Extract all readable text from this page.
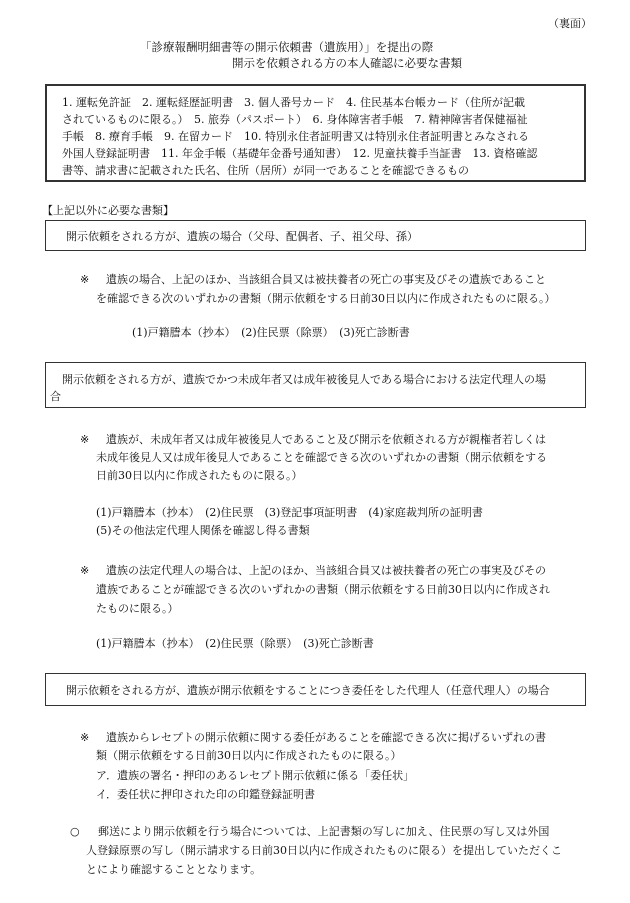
（裏面）
「診療報酬明細書等の開示依頼書（遺族用）」を提出の際
開示を依頼される方の本人確認に必要な書類
1. 運転免許証　2. 運転経歴証明書　3. 個人番号カード　4. 住民基本台帳カード（住所が記載
されているものに限る。）　5. 旅券（パスポート）　6. 身体障害者手帳　7. 精神障害者保健福祉
手帳　8. 療育手帳　9. 在留カード　10. 特別永住者証明書又は特別永住者証明書とみなされる
外国人登録証明書　11. 年金手帳（基礎年金番号通知書）　12. 児童扶養手当証書　13. 資格確認
書等、請求書に記載された氏名、住所（居所）が同一であることを確認できるもの
【上記以外に必要な書類】
開示依頼をされる方が、遺族の場合（父母、配偶者、子、祖父母、孫）
※ 遺族の場合、上記のほか、当該組合員又は被扶養者の死亡の事実及びその遺族であること
を確認できる次のいずれかの書類（開示依頼をする日前30日以内に作成されたものに限る。）
(1)戸籍謄本（抄本）　(2)住民票（除票）　(3)死亡診断書
開示依頼をされる方が、遺族でかつ未成年者又は成年被後見人である場合における法定代理人の場
合
※ 遺族が、未成年者又は成年被後見人であること及び開示を依頼される方が親権者若しくは
未成年後見人又は成年後見人であることを確認できる次のいずれかの書類（開示依頼をする
日前30日以内に作成されたものに限る。）
(1)戸籍謄本（抄本）　(2)住民票　(3)登記事項証明書　(4)家庭裁判所の証明書
(5)その他法定代理人関係を確認し得る書類
※ 遺族の法定代理人の場合は、上記のほか、当該組合員又は被扶養者の死亡の事実及びその
遺族であることが確認できる次のいずれかの書類（開示依頼をする日前30日以内に作成され
たものに限る。）
(1)戸籍謄本（抄本）　(2)住民票（除票）　(3)死亡診断書
開示依頼をされる方が、遺族が開示依頼をすることにつき委任をした代理人（任意代理人）の場合
※ 遺族からレセプトの開示依頼に関する委任があることを確認できる次に掲げるいずれの書
類（開示依頼をする日前30日以内に作成されたものに限る。）
ア．遺族の署名・押印のあるレセプト開示依頼に係る「委任状」
イ．委任状に押印された印の印鑑登録証明書
○ 郵送により開示依頼を行う場合については、上記書類の写しに加え、住民票の写し又は外国
人登録原票の写し（開示請求する日前30日以内に作成されたものに限る）を提出していただくこ
とにより確認することとなります。
